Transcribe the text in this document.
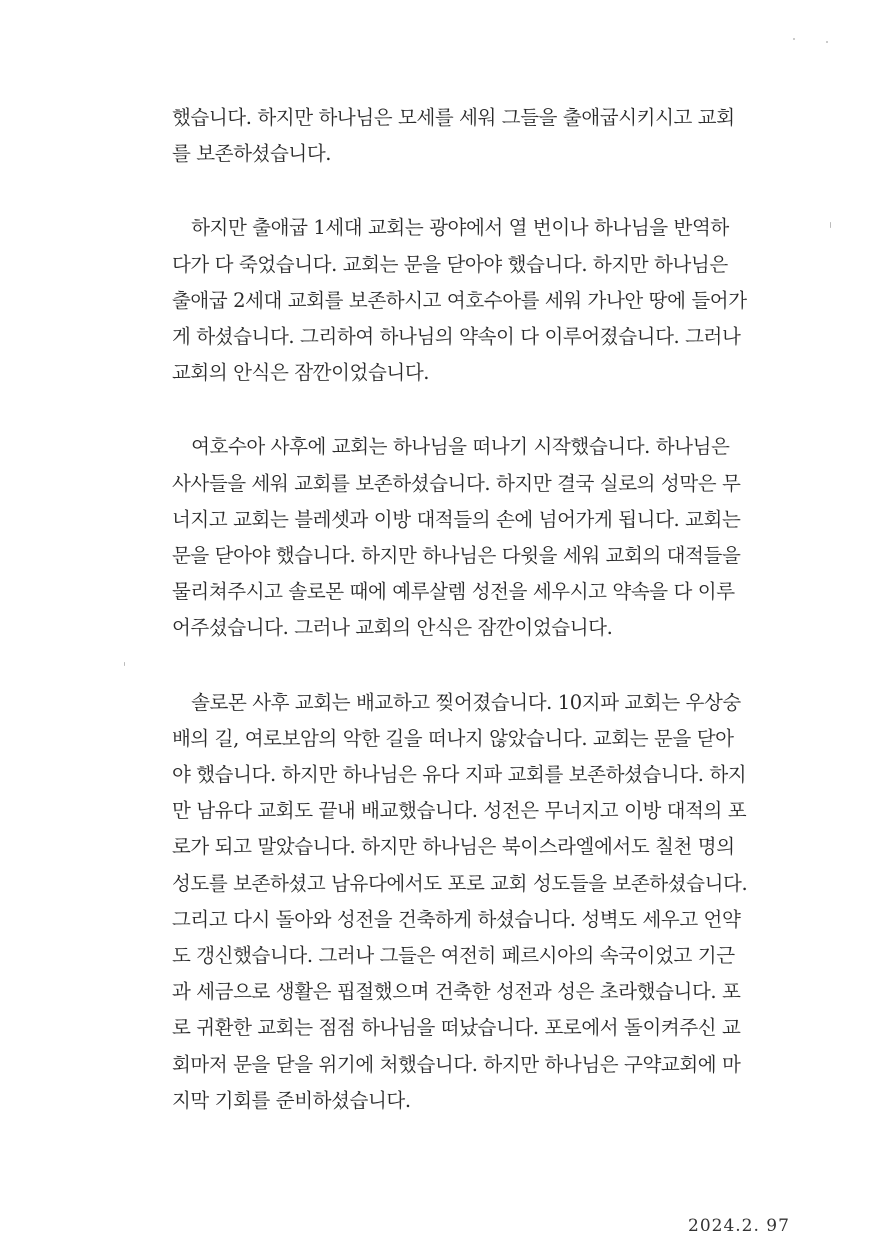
했습니다. 하지만 하나님은 모세를 세워 그들을 출애굽시키시고 교회
를 보존하셨습니다.

　하지만 출애굽 1세대 교회는 광야에서 열 번이나 하나님을 반역하
다가 다 죽었습니다. 교회는 문을 닫아야 했습니다. 하지만 하나님은
출애굽 2세대 교회를 보존하시고 여호수아를 세워 가나안 땅에 들어가
게 하셨습니다. 그리하여 하나님의 약속이 다 이루어졌습니다. 그러나
교회의 안식은 잠깐이었습니다.

　여호수아 사후에 교회는 하나님을 떠나기 시작했습니다. 하나님은
사사들을 세워 교회를 보존하셨습니다. 하지만 결국 실로의 성막은 무
너지고 교회는 블레셋과 이방 대적들의 손에 넘어가게 됩니다. 교회는
문을 닫아야 했습니다. 하지만 하나님은 다윗을 세워 교회의 대적들을
물리쳐주시고 솔로몬 때에 예루살렘 성전을 세우시고 약속을 다 이루
어주셨습니다. 그러나 교회의 안식은 잠깐이었습니다.

　솔로몬 사후 교회는 배교하고 찢어졌습니다. 10지파 교회는 우상숭
배의 길, 여로보암의 악한 길을 떠나지 않았습니다. 교회는 문을 닫아
야 했습니다. 하지만 하나님은 유다 지파 교회를 보존하셨습니다. 하지
만 남유다 교회도 끝내 배교했습니다. 성전은 무너지고 이방 대적의 포
로가 되고 말았습니다. 하지만 하나님은 북이스라엘에서도 칠천 명의
성도를 보존하셨고 남유다에서도 포로 교회 성도들을 보존하셨습니다.
그리고 다시 돌아와 성전을 건축하게 하셨습니다. 성벽도 세우고 언약
도 갱신했습니다. 그러나 그들은 여전히 페르시아의 속국이었고 기근
과 세금으로 생활은 핍절했으며 건축한 성전과 성은 초라했습니다. 포
로 귀환한 교회는 점점 하나님을 떠났습니다. 포로에서 돌이켜주신 교
회마저 문을 닫을 위기에 처했습니다. 하지만 하나님은 구약교회에 마
지막 기회를 준비하셨습니다.

2024.2. 97
